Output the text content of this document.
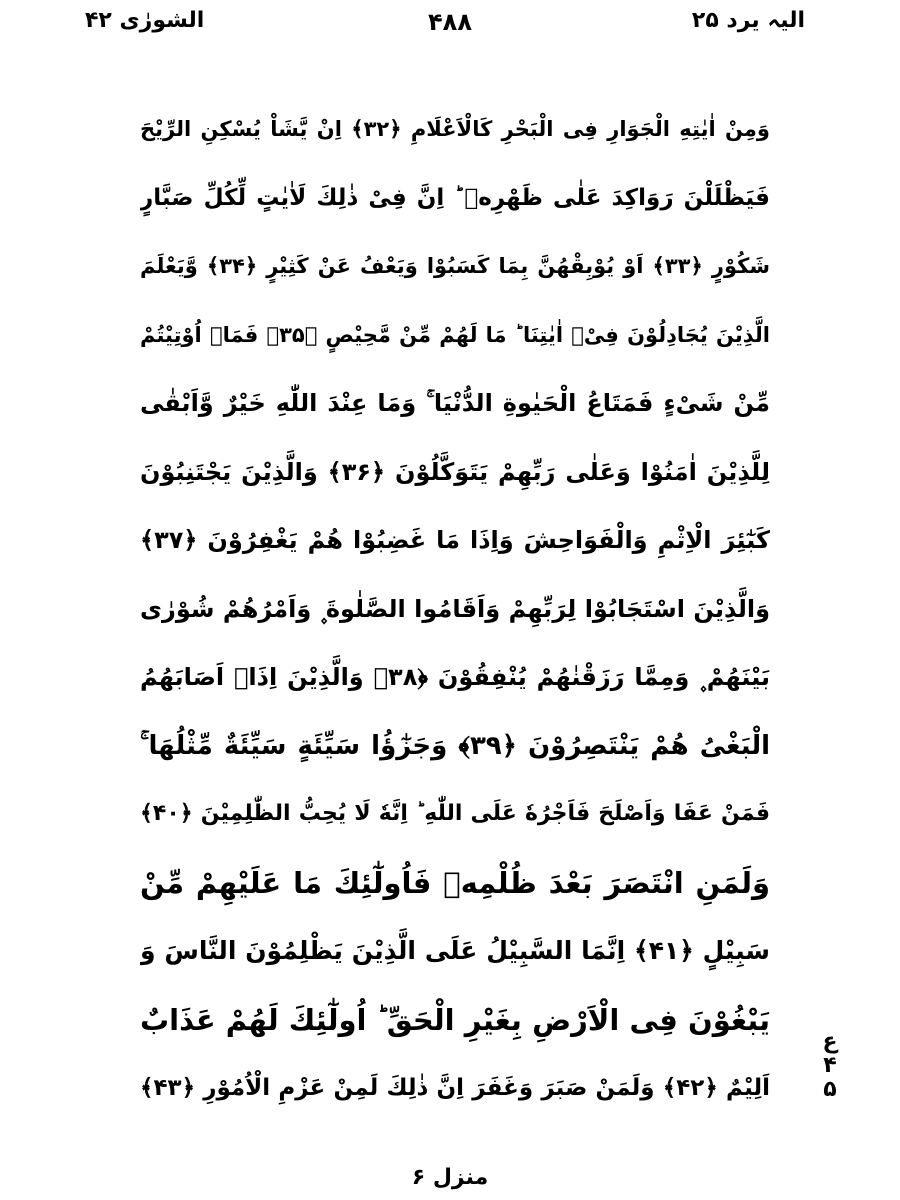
الشورٰی ۴۲	۴۸۸	الیہ یرد ۲۵
وَمِنْ اٰیٰتِهِ الْجَوَارِ فِی الْبَحْرِ كَالْاَعْلَامِ ﴿۳۲﴾ اِنْ یَّشَاْ یُسْكِنِ الرِّیْحَ
فَیَظْلَلْنَ رَوَاكِدَ عَلٰی ظَهْرِهٖ ؕ اِنَّ فِیْ ذٰلِكَ لَاٰیٰتٍ لِّكُلِّ صَبَّارٍ
شَكُوْرٍ ﴿۳۳﴾ اَوْ یُوْبِقْهُنَّ بِمَا كَسَبُوْا وَیَعْفُ عَنْ كَثِیْرٍ ﴿۳۴﴾ وَّیَعْلَمَ
الَّذِیْنَ یُجَادِلُوْنَ فِیْۤ اٰیٰتِنَا ؕ مَا لَهُمْ مِّنْ مَّحِیْصٍ ﴿۳۵﴾ فَمَاۤ اُوْتِیْتُمْ
مِّنْ شَیْءٍ فَمَتَاعُ الْحَیٰوةِ الدُّنْیَا ۚ وَمَا عِنْدَ اللّٰهِ خَیْرٌ وَّاَبْقٰی
لِلَّذِیْنَ اٰمَنُوْا وَعَلٰی رَبِّهِمْ یَتَوَكَّلُوْنَ ﴿۳۶﴾ وَالَّذِیْنَ یَجْتَنِبُوْنَ
كَبٰٓئِرَ الْاِثْمِ وَالْفَوَاحِشَ وَاِذَا مَا غَضِبُوْا هُمْ یَغْفِرُوْنَ ﴿۳۷﴾
وَالَّذِیْنَ اسْتَجَابُوْا لِرَبِّهِمْ وَاَقَامُوا الصَّلٰوةَ ۪ وَاَمْرُهُمْ شُوْرٰی
بَیْنَهُمْ ۪ وَمِمَّا رَزَقْنٰهُمْ یُنْفِقُوْنَ ﴿۳۸﴾ وَالَّذِیْنَ اِذَاۤ اَصَابَهُمُ
الْبَغْیُ هُمْ یَنْتَصِرُوْنَ ﴿۳۹﴾ وَجَزٰٓؤُا سَیِّئَةٍ سَیِّئَةٌ مِّثْلُهَا ۚ
فَمَنْ عَفَا وَاَصْلَحَ فَاَجْرُهٗ عَلَی اللّٰهِ ؕ اِنَّهٗ لَا یُحِبُّ الظّٰلِمِیْنَ ﴿۴۰﴾
وَلَمَنِ انْتَصَرَ بَعْدَ ظُلْمِهٖ فَاُولٰٓئِكَ مَا عَلَیْهِمْ مِّنْ
سَبِیْلٍ ﴿۴۱﴾ اِنَّمَا السَّبِیْلُ عَلَی الَّذِیْنَ یَظْلِمُوْنَ النَّاسَ وَ
یَبْغُوْنَ فِی الْاَرْضِ بِغَیْرِ الْحَقِّ ؕ اُولٰٓئِكَ لَهُمْ عَذَابٌ
اَلِیْمٌ ﴿۴۲﴾ وَلَمَنْ صَبَرَ وَغَفَرَ اِنَّ ذٰلِكَ لَمِنْ عَزْمِ الْاُمُوْرِ ﴿۴۳﴾
ع
۴
۵
منزل ۶
